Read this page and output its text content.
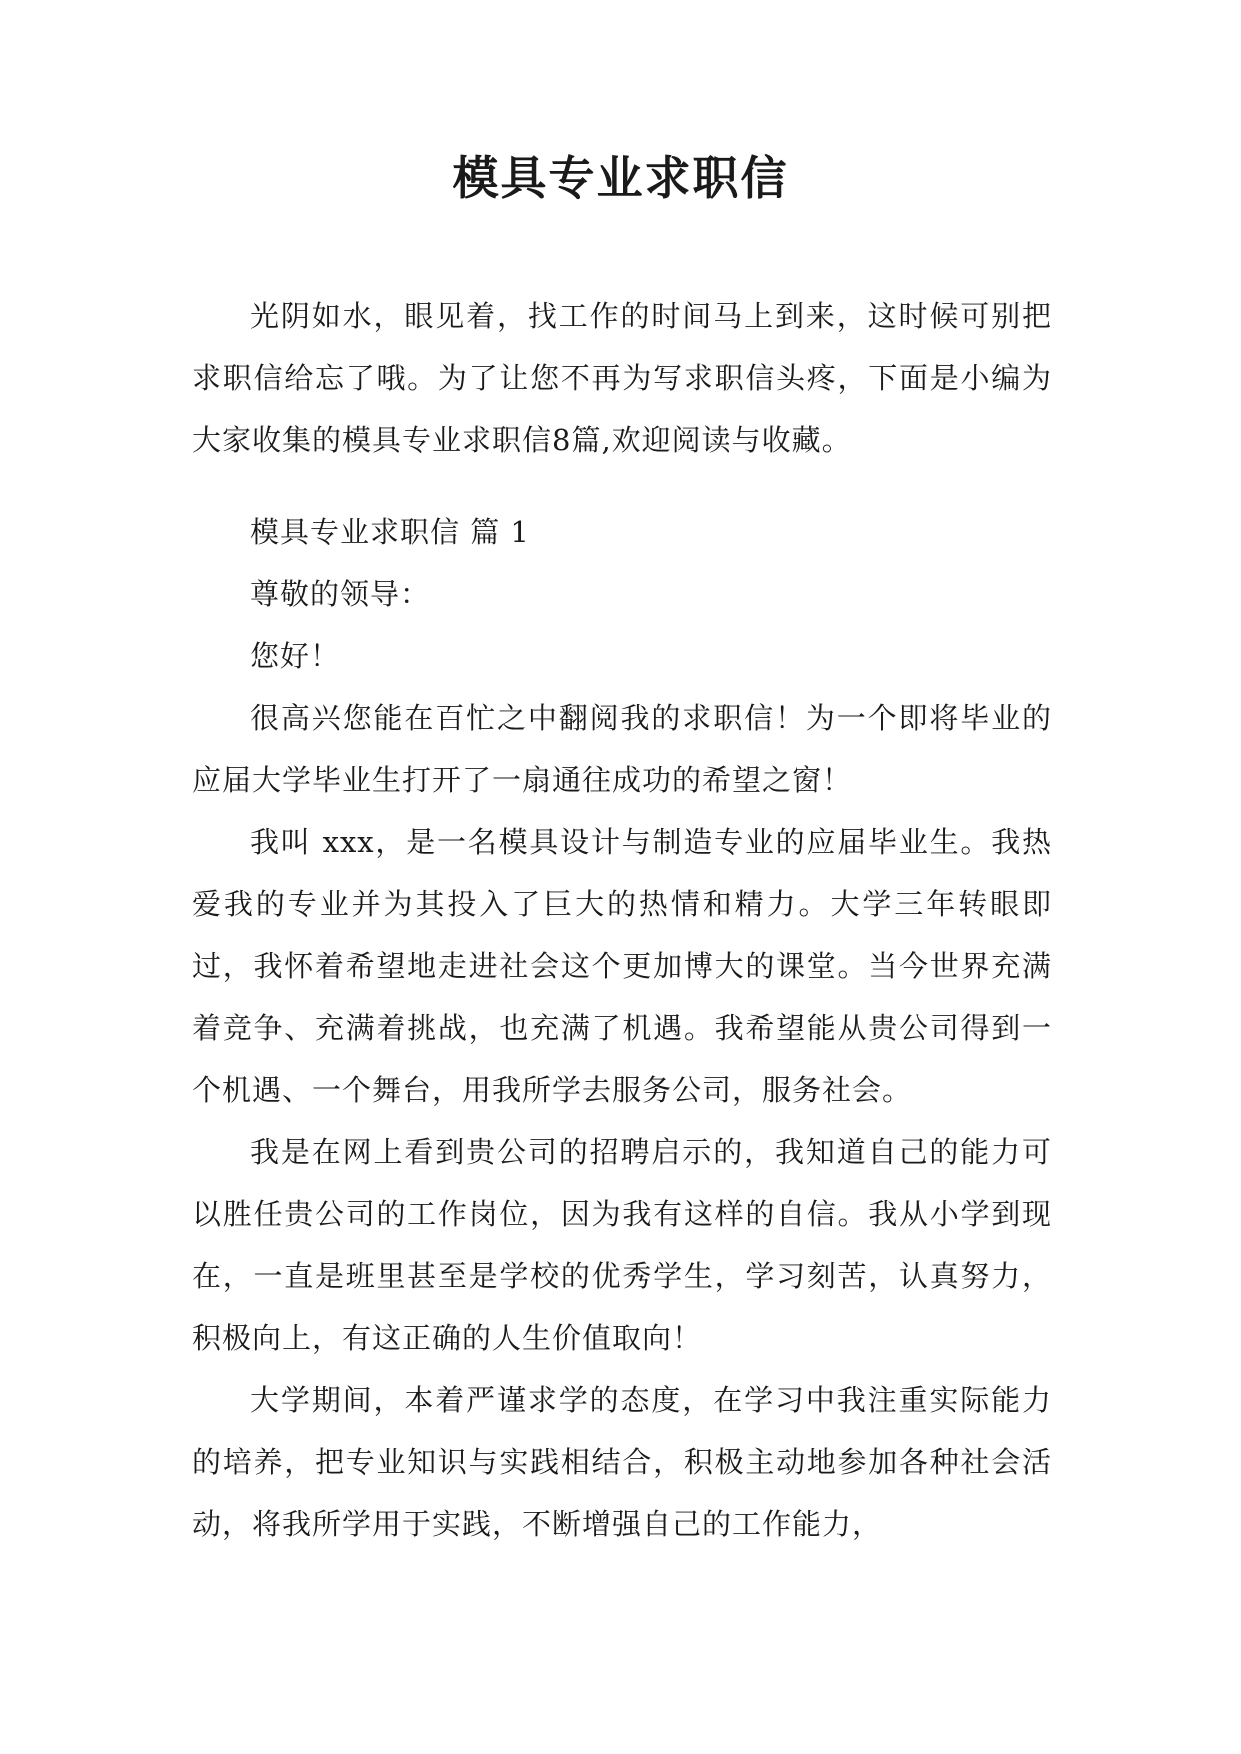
模具专业求职信

光阴如水，眼见着，找工作的时间马上到来，这时候可别把求职信给忘了哦。为了让您不再为写求职信头疼，下面是小编为大家收集的模具专业求职信8篇,欢迎阅读与收藏。

模具专业求职信 篇 1

尊敬的领导：

您好！

很高兴您能在百忙之中翻阅我的求职信！为一个即将毕业的应届大学毕业生打开了一扇通往成功的希望之窗！

我叫 xxx，是一名模具设计与制造专业的应届毕业生。我热爱我的专业并为其投入了巨大的热情和精力。大学三年转眼即过，我怀着希望地走进社会这个更加博大的课堂。当今世界充满着竞争、充满着挑战，也充满了机遇。我希望能从贵公司得到一个机遇、一个舞台，用我所学去服务公司，服务社会。

我是在网上看到贵公司的招聘启示的，我知道自己的能力可以胜任贵公司的工作岗位，因为我有这样的自信。我从小学到现在，一直是班里甚至是学校的优秀学生，学习刻苦，认真努力，积极向上，有这正确的人生价值取向！

大学期间，本着严谨求学的态度，在学习中我注重实际能力的培养，把专业知识与实践相结合，积极主动地参加各种社会活动，将我所学用于实践，不断增强自己的工作能力，
